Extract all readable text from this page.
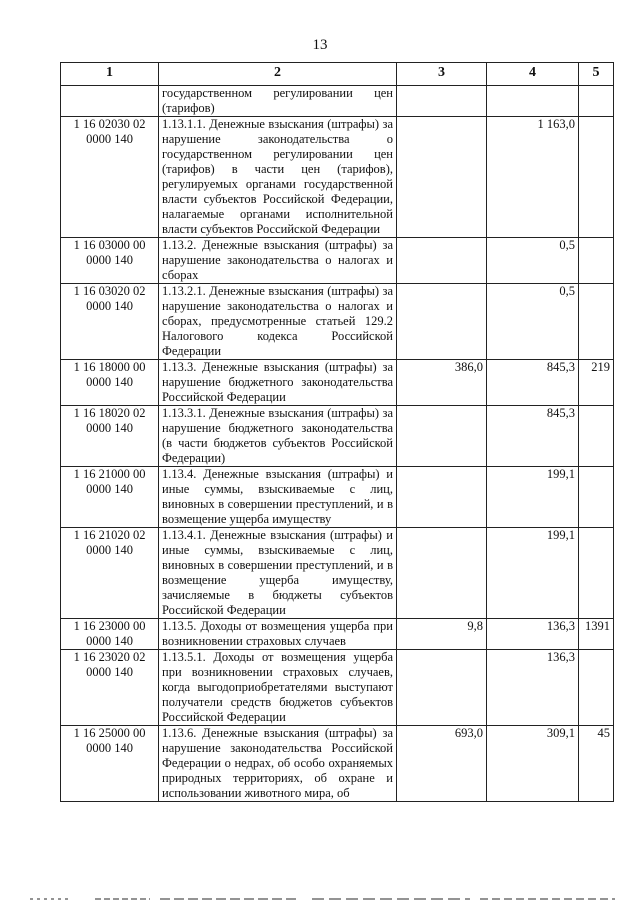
13
1	2	3	4	5
	государственном регулировании цен (тарифов)			
1 16 02030 02 0000 140	1.13.1.1. Денежные взыскания (штрафы) за нарушение законодательства о государственном регулировании цен (тарифов) в части цен (тарифов), регулируемых органами государственной власти субъектов Российской Федерации, налагаемые органами исполнительной власти субъектов Российской Федерации		1 163,0	
1 16 03000 00 0000 140	1.13.2. Денежные взыскания (штрафы) за нарушение законодательства о налогах и сборах		0,5	
1 16 03020 02 0000 140	1.13.2.1. Денежные взыскания (штрафы) за нарушение законодательства о налогах и сборах, предусмотренные статьей 129.2 Налогового кодекса Российской Федерации		0,5	
1 16 18000 00 0000 140	1.13.3. Денежные взыскания (штрафы) за нарушение бюджетного законодательства Российской Федерации	386,0	845,3	219
1 16 18020 02 0000 140	1.13.3.1. Денежные взыскания (штрафы) за нарушение бюджетного законодательства (в части бюджетов субъектов Российской Федерации)		845,3	
1 16 21000 00 0000 140	1.13.4. Денежные взыскания (штрафы) и иные суммы, взыскиваемые с лиц, виновных в совершении преступлений, и в возмещение ущерба имуществу		199,1	
1 16 21020 02 0000 140	1.13.4.1. Денежные взыскания (штрафы) и иные суммы, взыскиваемые с лиц, виновных в совершении преступлений, и в возмещение ущерба имуществу, зачисляемые в бюджеты субъектов Российской Федерации		199,1	
1 16 23000 00 0000 140	1.13.5. Доходы от возмещения ущерба при возникновении страховых случаев	9,8	136,3	1391
1 16 23020 02 0000 140	1.13.5.1. Доходы от возмещения ущерба при возникновении страховых случаев, когда выгодоприобретателями выступают получатели средств бюджетов субъектов Российской Федерации		136,3	
1 16 25000 00 0000 140	1.13.6. Денежные взыскания (штрафы) за нарушение законодательства Российской Федерации о недрах, об особо охраняемых природных территориях, об охране и использовании животного мира, об	693,0	309,1	45
